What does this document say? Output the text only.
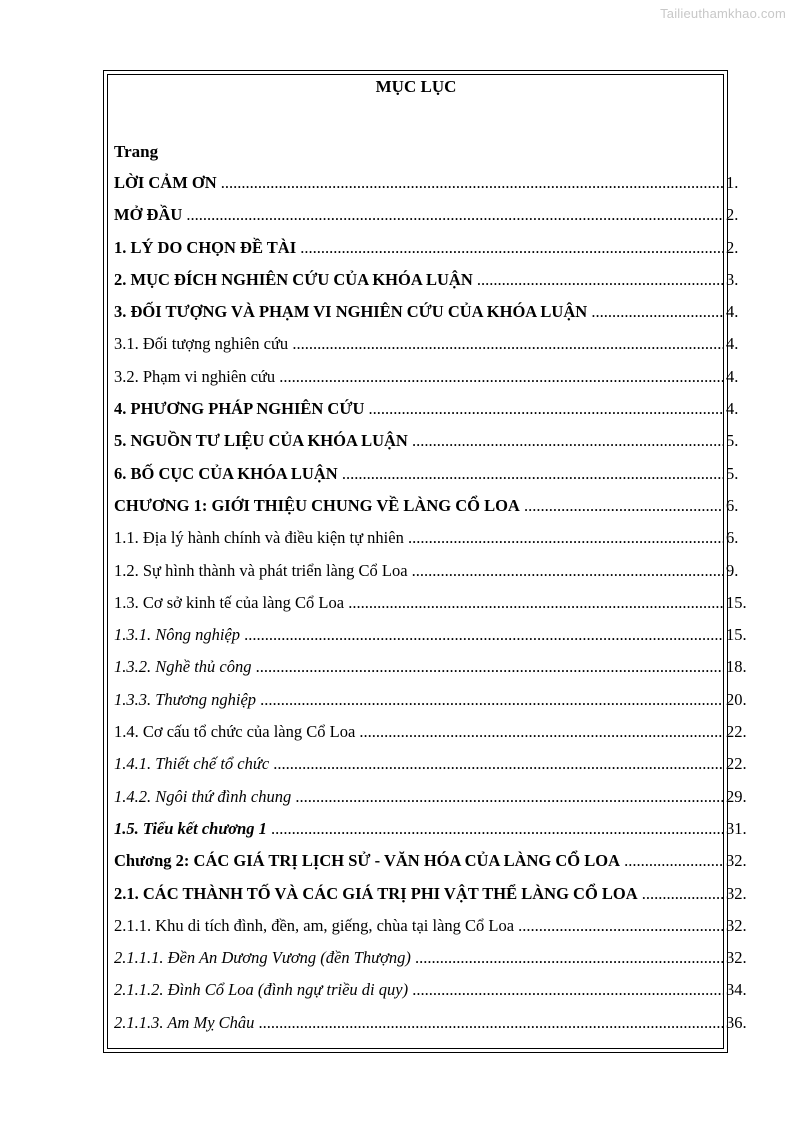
Tailieuthamkhao.com
MỤC LỤC
Trang
LỜI CẢM ƠN .....	1.
MỞ ĐẦU .....	2.
1. LÝ DO CHỌN ĐỀ TÀI .....	2.
2. MỤC ĐÍCH NGHIÊN CỨU CỦA KHÓA LUẬN .....	3.
3. ĐỐI TƯỢNG VÀ PHẠM VI NGHIÊN CỨU CỦA KHÓA LUẬN .....	4.
3.1. Đối tượng nghiên cứu .....	4.
3.2. Phạm vi nghiên cứu .....	4.
4. PHƯƠNG PHÁP NGHIÊN CỨU .....	4.
5. NGUỒN TƯ LIỆU CỦA KHÓA LUẬN .....	5.
6. BỐ CỤC CỦA KHÓA LUẬN .....	5.
CHƯƠNG 1: GIỚI THIỆU CHUNG VỀ LÀNG CỔ LOA .....	6.
1.1. Địa lý hành chính và điều kiện tự nhiên .....	6.
1.2. Sự hình thành và phát triển làng Cổ Loa .....	9.
1.3. Cơ sở kinh tế của làng Cổ Loa .....	15.
1.3.1. Nông nghiệp .....	15.
1.3.2. Nghề thủ công .....	18.
1.3.3. Thương nghiệp .....	20.
1.4. Cơ cấu tổ chức của làng Cổ Loa .....	22.
1.4.1. Thiết chế tổ chức .....	22.
1.4.2. Ngôi thứ đình chung .....	29.
1.5. Tiểu kết chương 1 .....	31.
Chương 2: CÁC GIÁ TRỊ LỊCH SỬ - VĂN HÓA CỦA LÀNG CỔ LOA .....	32.
2.1. CÁC THÀNH TỐ VÀ CÁC GIÁ TRỊ PHI VẬT THỂ LÀNG CỔ LOA .....	32.
2.1.1. Khu di tích đình, đền, am, giếng, chùa tại làng Cổ Loa .....	32.
2.1.1.1. Đền An Dương Vương (đền Thượng) .....	32.
2.1.1.2. Đình Cổ Loa (đình ngự triều di quy) .....	34.
2.1.1.3. Am Mỵ Châu .....	36.
